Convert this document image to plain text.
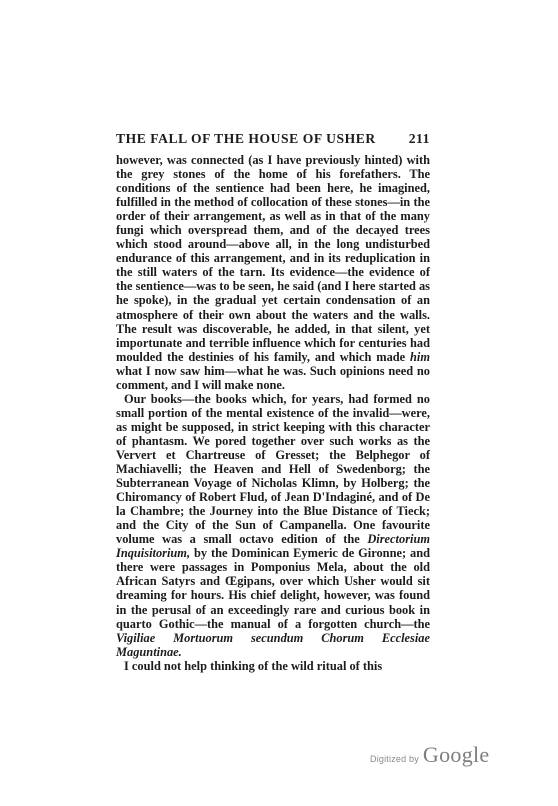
THE FALL OF THE HOUSE OF USHER 211

however, was connected (as I have previously hinted) with the grey stones of the home of his forefathers. The conditions of the sentience had been here, he imagined, fulfilled in the method of collocation of these stones—in the order of their arrangement, as well as in that of the many fungi which overspread them, and of the decayed trees which stood around—above all, in the long undisturbed endurance of this arrangement, and in its reduplication in the still waters of the tarn. Its evidence—the evidence of the sentience—was to be seen, he said (and I here started as he spoke), in the gradual yet certain condensation of an atmosphere of their own about the waters and the walls. The result was discoverable, he added, in that silent, yet importunate and terrible influence which for centuries had moulded the destinies of his family, and which made him what I now saw him—what he was. Such opinions need no comment, and I will make none.

Our books—the books which, for years, had formed no small portion of the mental existence of the invalid—were, as might be supposed, in strict keeping with this character of phantasm. We pored together over such works as the Ververt et Chartreuse of Gresset; the Belphegor of Machiavelli; the Heaven and Hell of Swedenborg; the Subterranean Voyage of Nicholas Klimn, by Holberg; the Chiromancy of Robert Flud, of Jean D'Indaginé, and of De la Chambre; the Journey into the Blue Distance of Tieck; and the City of the Sun of Campanella. One favourite volume was a small octavo edition of the Directorium Inquisitorium, by the Dominican Eymeric de Gironne; and there were passages in Pomponius Mela, about the old African Satyrs and Œgipans, over which Usher would sit dreaming for hours. His chief delight, however, was found in the perusal of an exceedingly rare and curious book in quarto Gothic—the manual of a forgotten church—the Vigiliae Mortuorum secundum Chorum Ecclesiae Maguntinae.

I could not help thinking of the wild ritual of this

Digitized by Google
